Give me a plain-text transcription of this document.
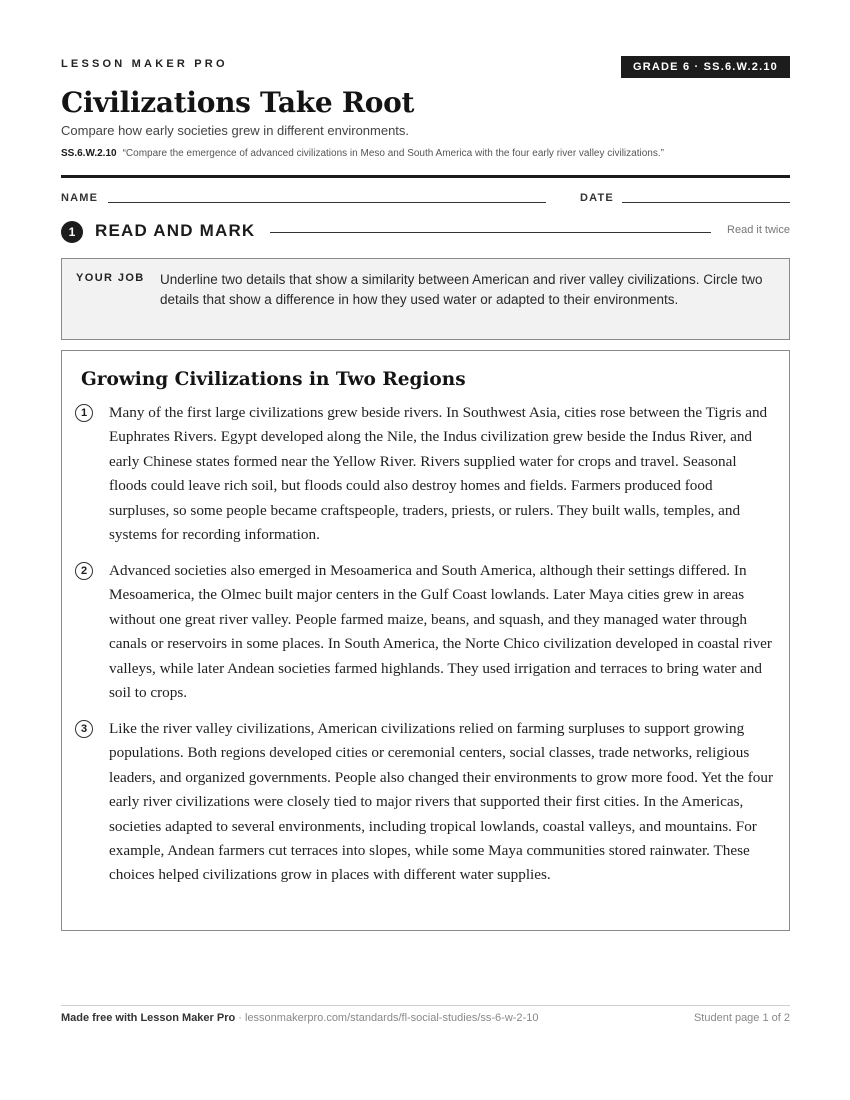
LESSON MAKER PRO	GRADE 6 · SS.6.W.2.10
Civilizations Take Root
Compare how early societies grew in different environments.
SS.6.W.2.10 “Compare the emergence of advanced civilizations in Meso and South America with the four early river valley civilizations.”
NAME	DATE
1	READ AND MARK	Read it twice
YOUR JOB Underline two details that show a similarity between American and river valley civilizations. Circle two details that show a difference in how they used water or adapted to their environments.
Growing Civilizations in Two Regions
1	Many of the first large civilizations grew beside rivers. In Southwest Asia, cities rose between the Tigris and Euphrates Rivers. Egypt developed along the Nile, the Indus civilization grew beside the Indus River, and early Chinese states formed near the Yellow River. Rivers supplied water for crops and travel. Seasonal floods could leave rich soil, but floods could also destroy homes and fields. Farmers produced food surpluses, so some people became craftspeople, traders, priests, or rulers. They built walls, temples, and systems for recording information.
2	Advanced societies also emerged in Mesoamerica and South America, although their settings differed. In Mesoamerica, the Olmec built major centers in the Gulf Coast lowlands. Later Maya cities grew in areas without one great river valley. People farmed maize, beans, and squash, and they managed water through canals or reservoirs in some places. In South America, the Norte Chico civilization developed in coastal river valleys, while later Andean societies farmed highlands. They used irrigation and terraces to bring water and soil to crops.
3	Like the river valley civilizations, American civilizations relied on farming surpluses to support growing populations. Both regions developed cities or ceremonial centers, social classes, trade networks, religious leaders, and organized governments. People also changed their environments to grow more food. Yet the four early river civilizations were closely tied to major rivers that supported their first cities. In the Americas, societies adapted to several environments, including tropical lowlands, coastal valleys, and mountains. For example, Andean farmers cut terraces into slopes, while some Maya communities stored rainwater. These choices helped civilizations grow in places with different water supplies.
Made free with Lesson Maker Pro · lessonmakerpro.com/standards/fl-social-studies/ss-6-w-2-10	Student page 1 of 2
